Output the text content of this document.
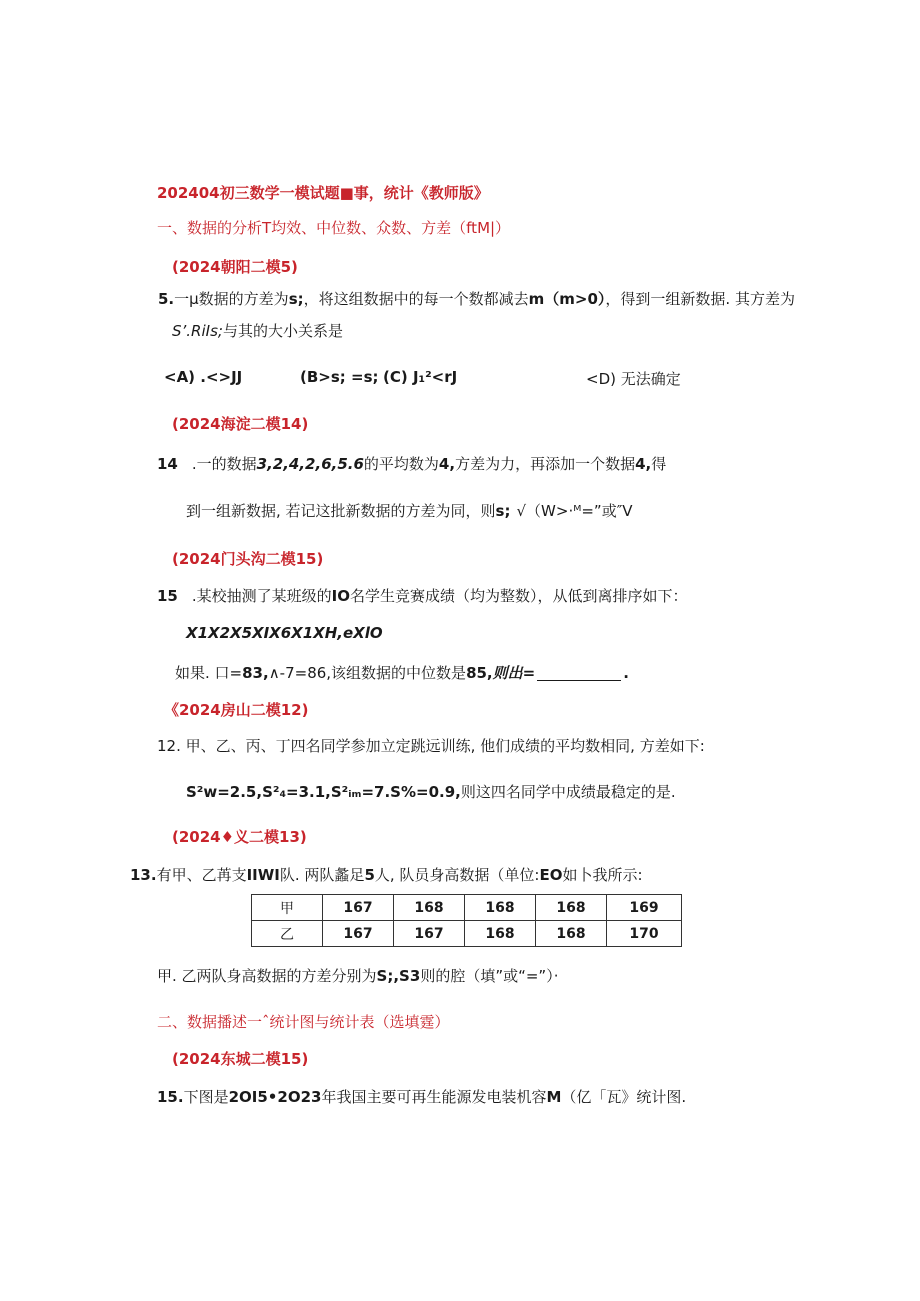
202404初三数学一模试题■事，统计《教师版》
一、数据的分析T均效、中位数、众数、方差（ftM|）
(2024朝阳二模5)
5.一μ数据的方差为s;，将这组数据中的每一个数都减去m（m>0），得到一组新数据. 其方差为
S’.RiIs;与其的大小关系是
<A) .<>JJ	(B>s; =s; (C) J₁²<rJ	<D) 无法确定
(2024海淀二模14)
14 .一的数据3,2,4,2,6,5.6的平均数为4,方差为力，再添加一个数据4,得
到一组新数据, 若记这批新数据的方差为同，则s; √（W>·ᴹ=”或″V
(2024门头沟二模15)
15 .某校抽测了某班级的IO名学生竞赛成绩（均为整数），从低到离排序如下：
X1X2X5XIX6X1XH,eXlO
如果. 口=83,∧-7=86,该组数据的中位数是85,则出=	.
《2024房山二模12)
12. 甲、乙、丙、丁四名同学参加立定跳远训练, 他们成绩的平均数相同, 方差如下:
S²w=2.5,S²₄=3.1,S²ᵢₘ=7.S%=0.9,则这四名同学中成绩最稳定的是.
(2024♦义二模13)
13.有甲、乙苒支IIWI队. 两队蠡足5人, 队员身高数据（单位:EO如卜我所示:
甲	167	168	168	168	169
乙	167	167	168	168	170
甲. 乙两队身高数据的方差分别为S;,S3则的腔（填”或“=”）·
二、数据播述一ˆ统计图与统计表（选填霆）
(2024东城二模15)
15.下图是2OI5•2O23年我国主要可再生能源发电装机容M（亿「瓦》统计图.
